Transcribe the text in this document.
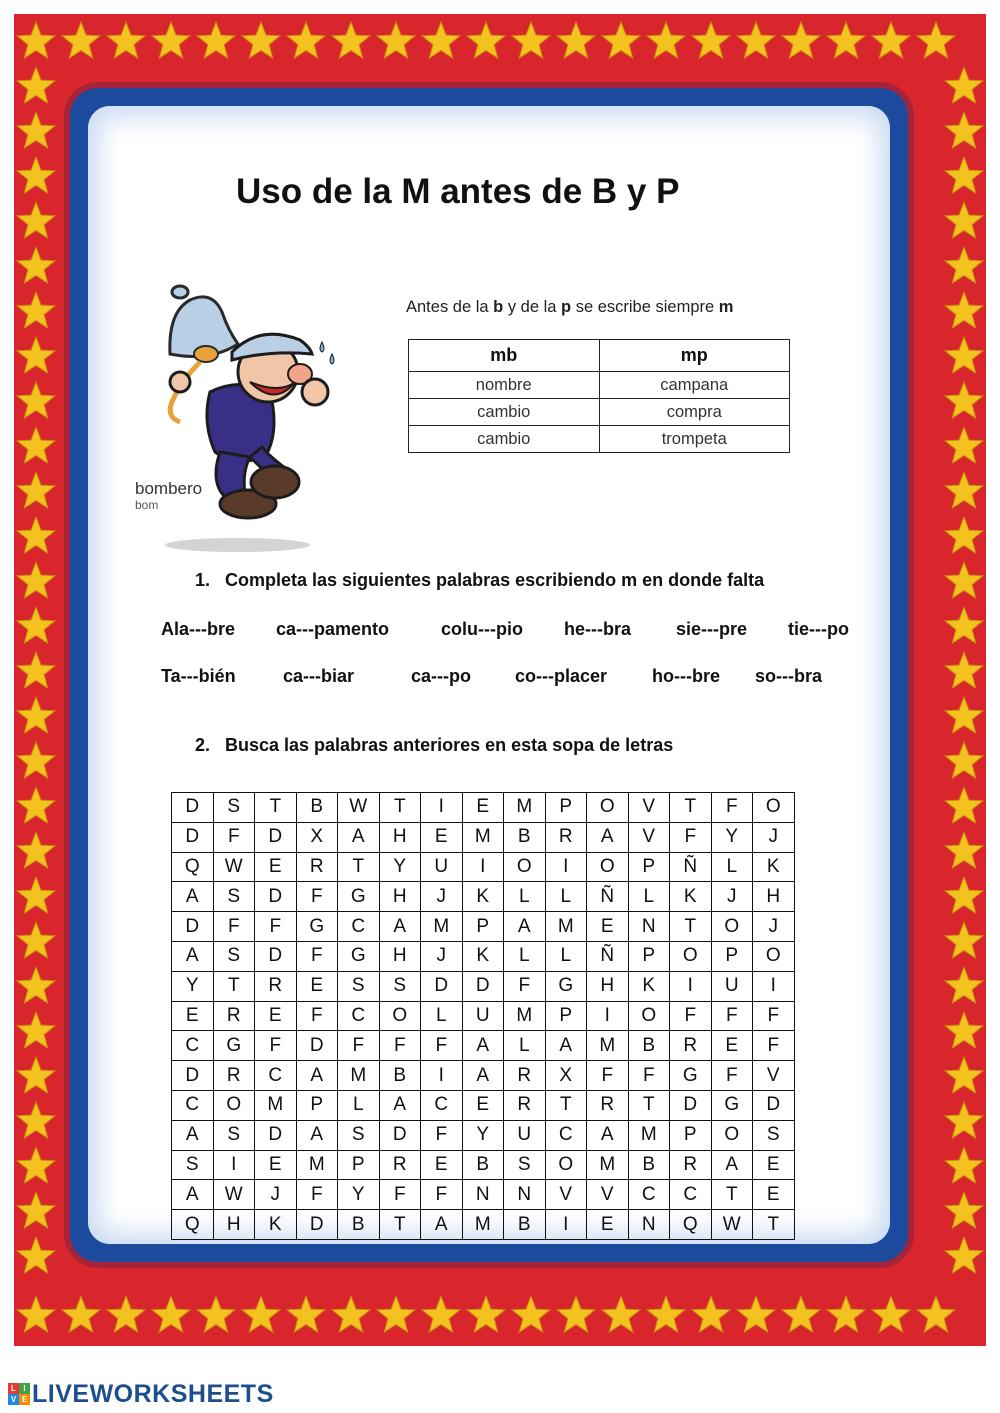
Uso de la M antes de B y P
bombero
bom
Antes de la b y de la p se escribe siempre m
mb	mp
nombre	campana
cambio	compra
cambio	trompeta
1. Completa las siguientes palabras escribiendo m en donde falta
Ala---bre ca---pamento	colu---pio he---bra	sie---pre tie---po
Ta---bién	ca---biar	ca---po co---placer ho---bre so---bra
2. Busca las palabras anteriores en esta sopa de letras
D	S	T	B	W	T	I	E	M	P	O	V	T	F	O
D	F	D	X	A	H	E	M	B	R	A	V	F	Y	J
Q	W	E	R	T	Y	U	I	O	I	O	P	Ñ	L	K
A	S	D	F	G	H	J	K	L	L	Ñ	L	K	J	H
D	F	F	G	C	A	M	P	A	M	E	N	T	O	J
A	S	D	F	G	H	J	K	L	L	Ñ	P	O	P	O
Y	T	R	E	S	S	D	D	F	G	H	K	I	U	I
E	R	E	F	C	O	L	U	M	P	I	O	F	F	F
C	G	F	D	F	F	F	A	L	A	M	B	R	E	F
D	R	C	A	M	B	I	A	R	X	F	F	G	F	V
C	O	M	P	L	A	C	E	R	T	R	T	D	G	D
A	S	D	A	S	D	F	Y	U	C	A	M	P	O	S
S	I	E	M	P	R	E	B	S	O	M	B	R	A	E
A	W	J	F	Y	F	F	N	N	V	V	C	C	T	E
Q	H	K	D	B	T	A	M	B	I	E	N	Q	W	T
L I
V E LIVEWORKSHEETS
